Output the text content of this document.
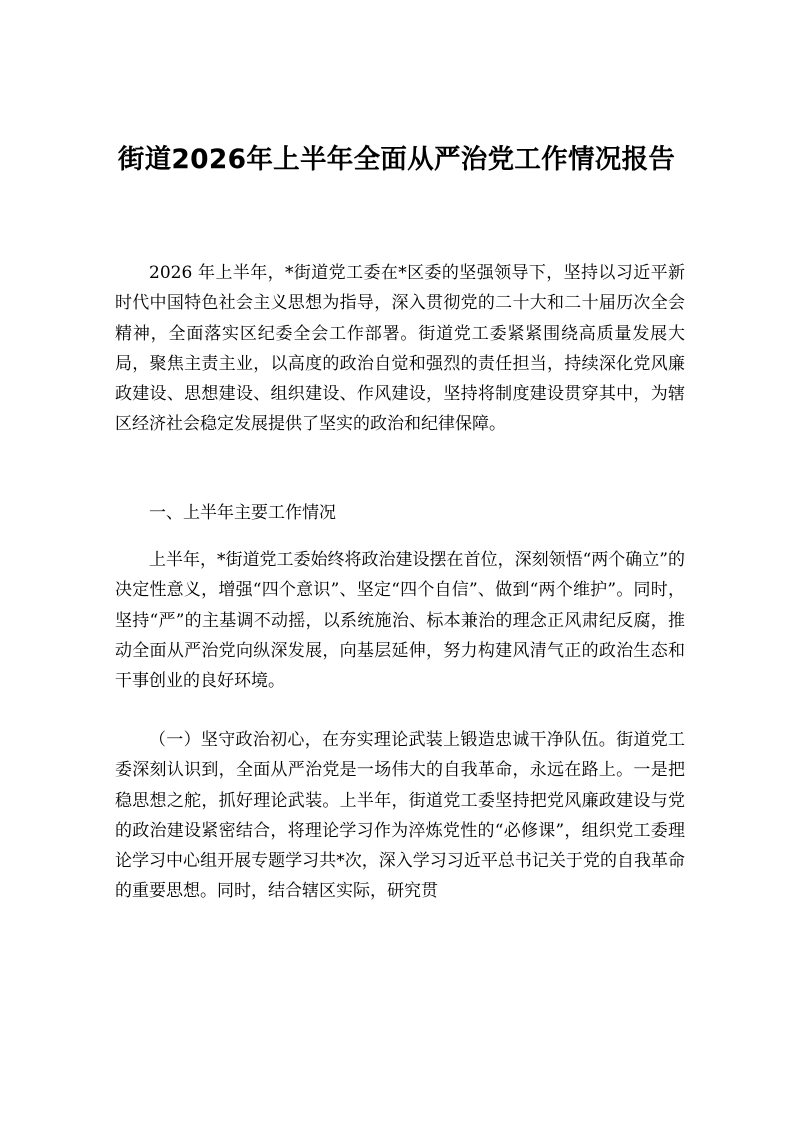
街道2026年上半年全面从严治党工作情况报告

2026 年上半年，*街道党工委在*区委的坚强领导下，坚持以习近平新时代中国特色社会主义思想为指导，深入贯彻党的二十大和二十届历次全会精神，全面落实区纪委全会工作部署。街道党工委紧紧围绕高质量发展大局，聚焦主责主业，以高度的政治自觉和强烈的责任担当，持续深化党风廉政建设、思想建设、组织建设、作风建设，坚持将制度建设贯穿其中，为辖区经济社会稳定发展提供了坚实的政治和纪律保障。

一、上半年主要工作情况

上半年，*街道党工委始终将政治建设摆在首位，深刻领悟“两个确立”的决定性意义，增强“四个意识”、坚定“四个自信”、做到“两个维护”。同时，坚持“严”的主基调不动摇，以系统施治、标本兼治的理念正风肃纪反腐，推动全面从严治党向纵深发展，向基层延伸，努力构建风清气正的政治生态和干事创业的良好环境。

（一）坚守政治初心，在夯实理论武装上锻造忠诚干净队伍。街道党工委深刻认识到，全面从严治党是一场伟大的自我革命，永远在路上。一是把稳思想之舵，抓好理论武装。上半年，街道党工委坚持把党风廉政建设与党的政治建设紧密结合，将理论学习作为淬炼党性的“必修课”，组织党工委理论学习中心组开展专题学习共*次，深入学习习近平总书记关于党的自我革命的重要思想。同时，结合辖区实际，研究贯
